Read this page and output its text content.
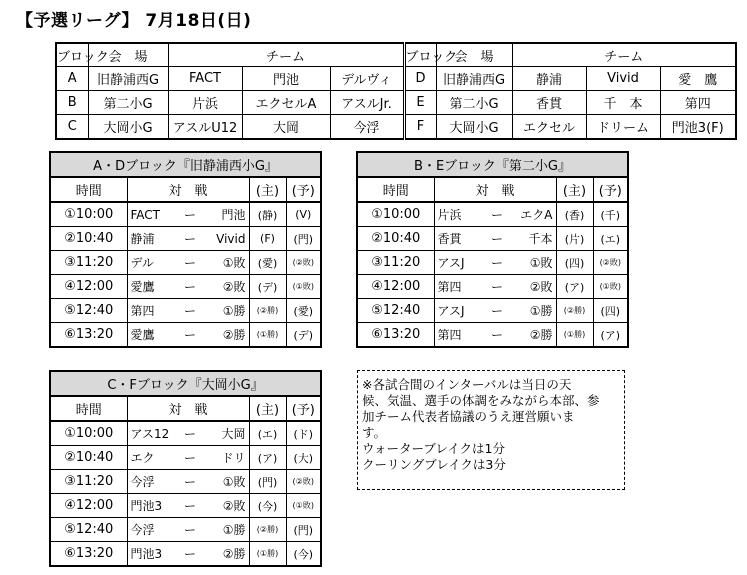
【予選リーグ】 7月18日(日)
ブロック	会　場	チーム			ブロック	会　場	チーム		
A	旧静浦西G	FACT	門池	デルヴィ	D	旧静浦西G	静浦	Vivid	愛　鷹
B	第二小G	片浜	エクセルA	アスルJr.	E	第二小G	香貫	千　本	第四
C	大岡小G	アスルU12	大岡	今浮	F	大岡小G	エクセル	ドリーム	門池3(F)
A・Dブロック『旧静浦西小G』					
時間	対　戦			(主)	(予)
①10:00	FACT	ー	門池	(静)	(V)
②10:40	静浦	ー	Vivid	(F)	(門)
③11:20	デル	ー	①敗	(愛)	(②敗)
④12:00	愛鷹	ー	②敗	(デ)	(①敗)
⑤12:40	第四	ー	①勝	(②勝)	(愛)
⑥13:20	愛鷹	ー	②勝	(①勝)	(デ)
B・Eブロック『第二小G』					
時間	対　戦			(主)	(予)
①10:00	片浜	ー	エクA	(香)	(千)
②10:40	香貫	ー	千本	(片)	(エ)
③11:20	アスJ	ー	①敗	(四)	(②敗)
④12:00	第四	ー	②敗	(ア)	(①敗)
⑤12:40	アスJ	ー	①勝	(②勝)	(四)
⑥13:20	第四	ー	②勝	(①勝)	(ア)
C・Fブロック『大岡小G』					
時間	対　戦			(主)	(予)
①10:00	アス12	ー	大岡	(エ)	(ド)
②10:40	エク	ー	ドリ	(ア)	(大)
③11:20	今浮	ー	①敗	(門)	(②敗)
④12:00	門池3	ー	②敗	(今)	(①敗)
⑤12:40	今浮	ー	①勝	(②勝)	(門)
⑥13:20	門池3	ー	②勝	(①勝)	(今)
※各試合間のインターバルは当日の天
候、気温、選手の体調をみながら本部、参
加チーム代表者協議のうえ運営願いま
す。
ウォーターブレイクは1分
クーリングブレイクは3分
